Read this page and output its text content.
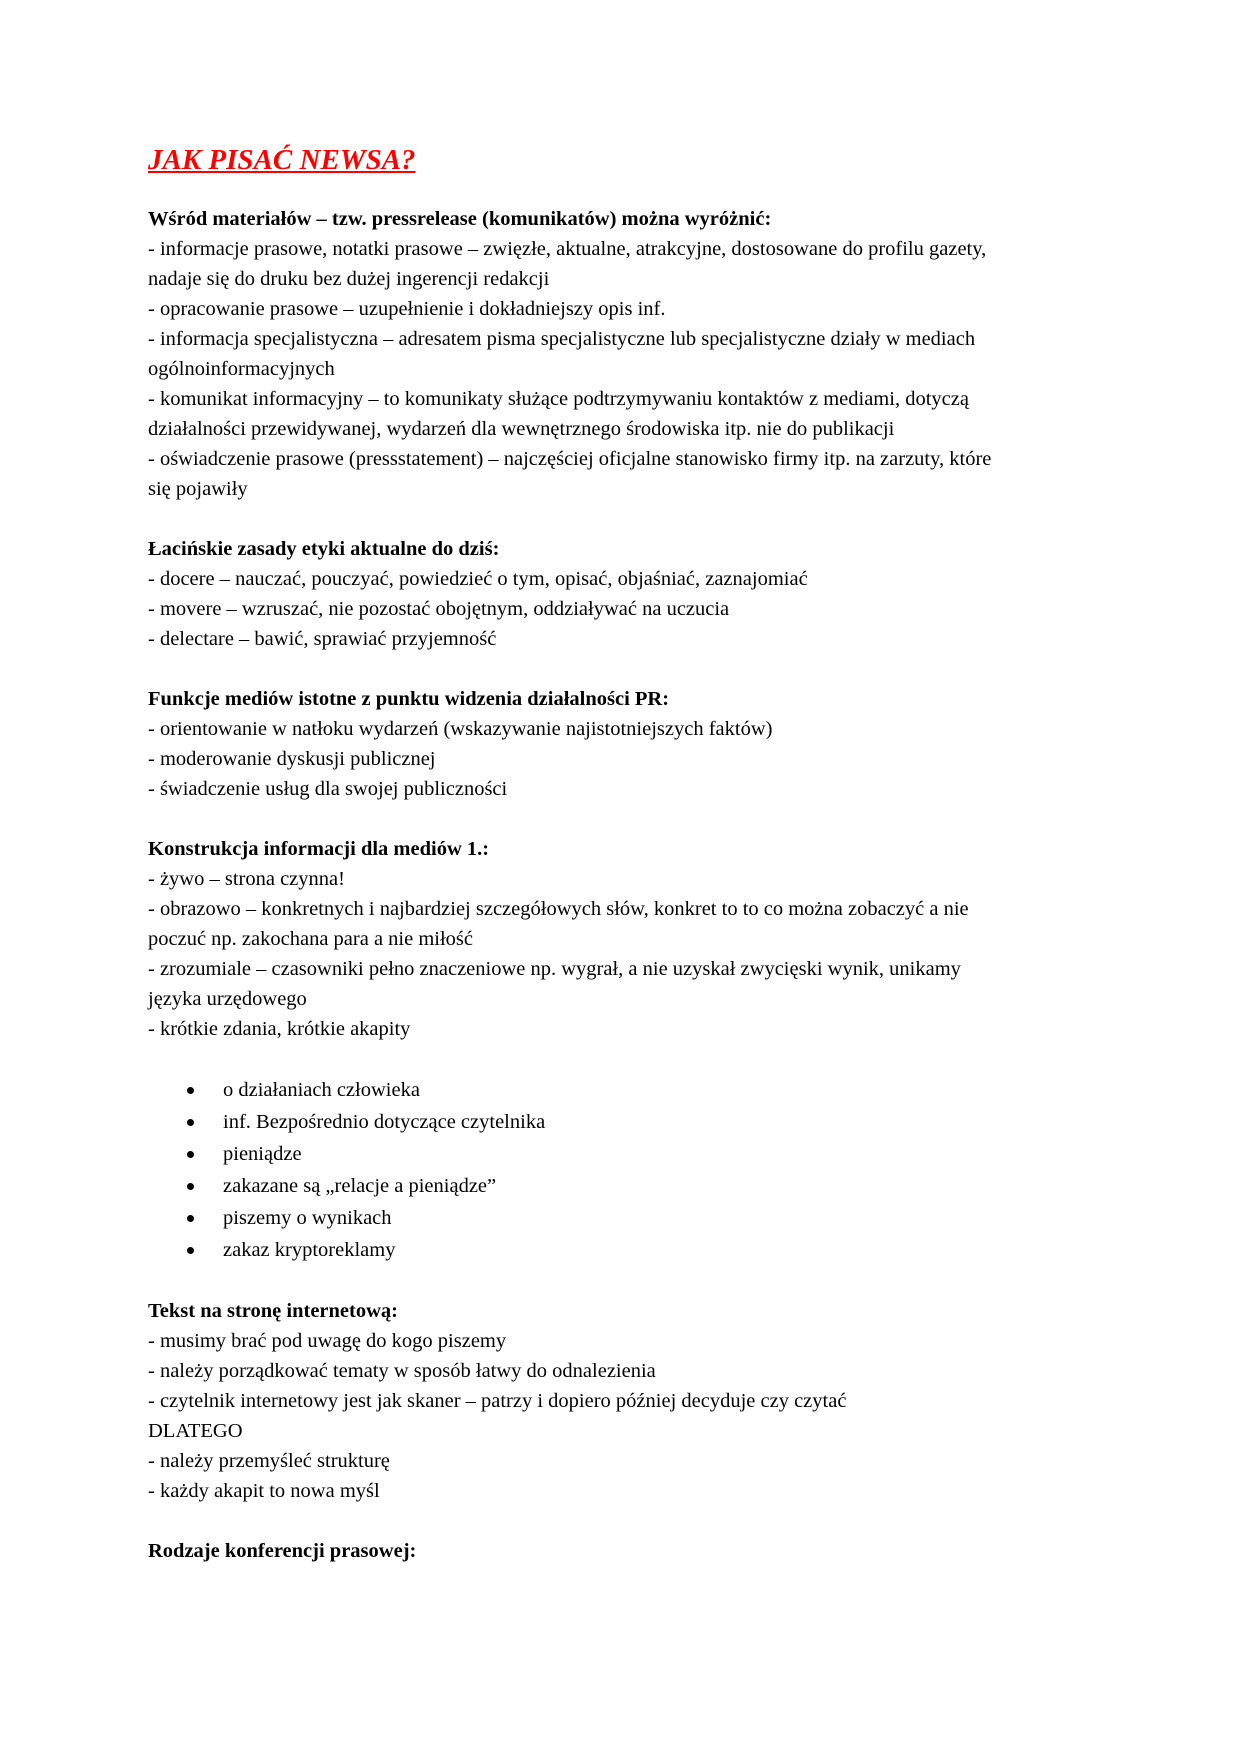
JAK PISAĆ NEWSA?

Wśród materiałów – tzw. pressrelease (komunikatów) można wyróżnić:

- informacje prasowe, notatki prasowe – zwięzłe, aktualne, atrakcyjne, dostosowane do profilu gazety,

nadaje się do druku bez dużej ingerencji redakcji

- opracowanie prasowe – uzupełnienie i dokładniejszy opis inf.

- informacja specjalistyczna – adresatem pisma specjalistyczne lub specjalistyczne działy w mediach

ogólnoinformacyjnych

- komunikat informacyjny – to komunikaty służące podtrzymywaniu kontaktów z mediami, dotyczą

działalności przewidywanej, wydarzeń dla wewnętrznego środowiska itp. nie do publikacji

- oświadczenie prasowe (pressstatement) – najczęściej oficjalne stanowisko firmy itp. na zarzuty, które

się pojawiły

Łacińskie zasady etyki aktualne do dziś:

- docere – nauczać, pouczyać, powiedzieć o tym, opisać, objaśniać, zaznajomiać

- movere – wzruszać, nie pozostać obojętnym, oddziaływać na uczucia

- delectare – bawić, sprawiać przyjemność

Funkcje mediów istotne z punktu widzenia działalności PR:

- orientowanie w natłoku wydarzeń (wskazywanie najistotniejszych faktów)

- moderowanie dyskusji publicznej

- świadczenie usług dla swojej publiczności

Konstrukcja informacji dla mediów 1.:

- żywo – strona czynna!

- obrazowo – konkretnych i najbardziej szczegółowych słów, konkret to to co można zobaczyć a nie

poczuć np. zakochana para a nie miłość

- zrozumiale – czasowniki pełno znaczeniowe np. wygrał, a nie uzyskał zwycięski wynik, unikamy

języka urzędowego

- krótkie zdania, krótkie akapity

o działaniach człowieka
inf. Bezpośrednio dotyczące czytelnika
pieniądze
zakazane są „relacje a pieniądze”
piszemy o wynikach
zakaz kryptoreklamy

Tekst na stronę internetową:

- musimy brać pod uwagę do kogo piszemy

- należy porządkować tematy w sposób łatwy do odnalezienia

- czytelnik internetowy jest jak skaner – patrzy i dopiero później decyduje czy czytać

DLATEGO

- należy przemyśleć strukturę

- każdy akapit to nowa myśl

Rodzaje konferencji prasowej:
